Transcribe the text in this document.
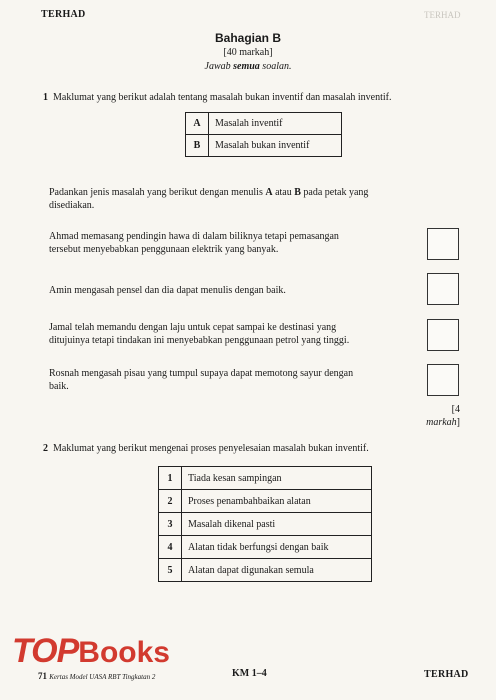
TERHAD	TERHAD
Bahagian B
[40 markah]
Jawab semua soalan.
1 Maklumat yang berikut adalah tentang masalah bukan inventif dan masalah inventif.
A	Masalah inventif
B	Masalah bukan inventif
Padankan jenis masalah yang berikut dengan menulis A atau B pada petak yang
disediakan.
Ahmad memasang pendingin hawa di dalam biliknya tetapi pemasangan
tersebut menyebabkan penggunaan elektrik yang banyak.
Amin mengasah pensel dan dia dapat menulis dengan baik.
Jamal telah memandu dengan laju untuk cepat sampai ke destinasi yang
ditujuinya tetapi tindakan ini menyebabkan penggunaan petrol yang tinggi.
Rosnah mengasah pisau yang tumpul supaya dapat memotong sayur dengan
baik.
[4 markah]
2 Maklumat yang berikut mengenai proses penyelesaian masalah bukan inventif.
1	Tiada kesan sampingan
2	Proses penambahbaikan alatan
3	Masalah dikenal pasti
4	Alatan tidak berfungsi dengan baik
5	Alatan dapat digunakan semula
TOPBooks
71 Kertas Model UASA RBT Tingkatan 2	KM 1–4	TERHAD
